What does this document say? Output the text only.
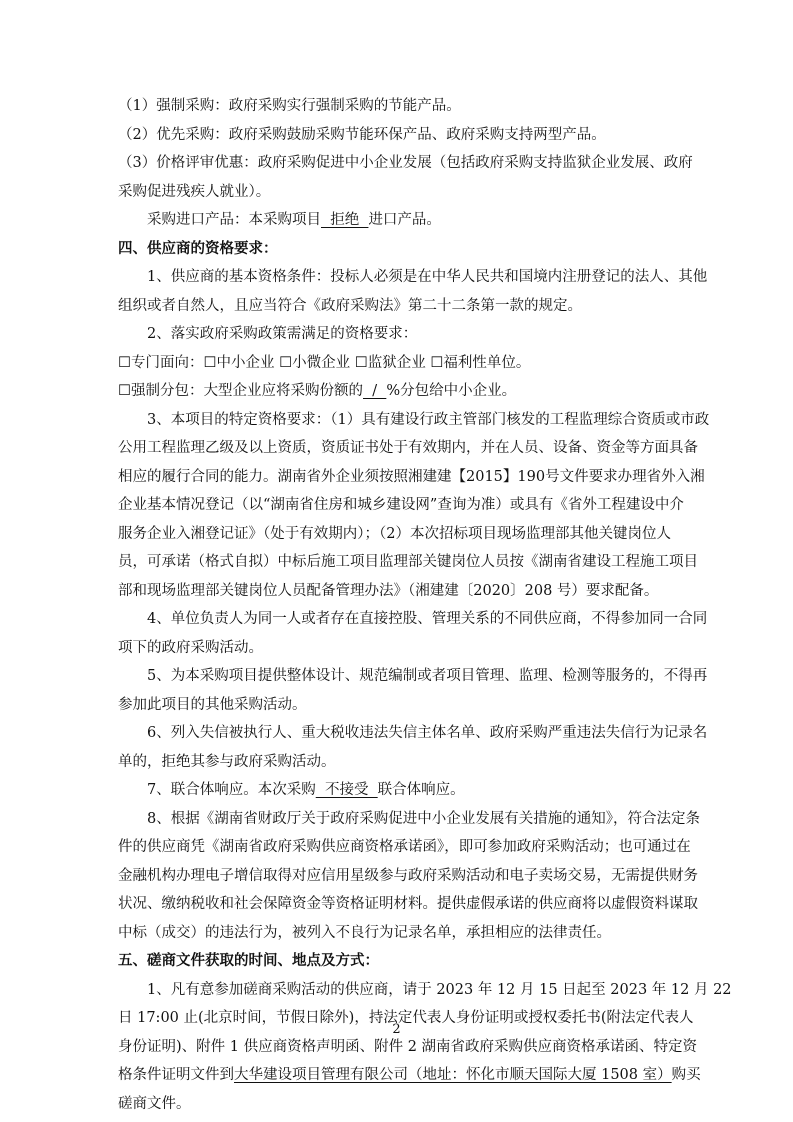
（1）强制采购：政府采购实行强制采购的节能产品。
（2）优先采购：政府采购鼓励采购节能环保产品、政府采购支持两型产品。
（3）价格评审优惠：政府采购促进中小企业发展（包括政府采购支持监狱企业发展、政府
采购促进残疾人就业）。
采购进口产品：本采购项目  拒绝  进口产品。
四、供应商的资格要求：
1、供应商的基本资格条件：投标人必须是在中华人民共和国境内注册登记的法人、其他
组织或者自然人，且应当符合《政府采购法》第二十二条第一款的规定。
2、落实政府采购政策需满足的资格要求：
☐专门面向：☐中小企业 ☐小微企业 ☐监狱企业 ☐福利性单位。
☐强制分包：大型企业应将采购份额的  /  %分包给中小企业。
3、本项目的特定资格要求：（1）具有建设行政主管部门核发的工程监理综合资质或市政
公用工程监理乙级及以上资质，资质证书处于有效期内，并在人员、设备、资金等方面具备
相应的履行合同的能力。湖南省外企业须按照湘建建【2015】190号文件要求办理省外入湘
企业基本情况登记（以“湖南省住房和城乡建设网”查询为准）或具有《省外工程建设中介
服务企业入湘登记证》（处于有效期内）；（2）本次招标项目现场监理部其他关键岗位人
员，可承诺（格式自拟）中标后施工项目监理部关键岗位人员按《湖南省建设工程施工项目
部和现场监理部关键岗位人员配备管理办法》（湘建建〔2020〕208 号）要求配备。
4、单位负责人为同一人或者存在直接控股、管理关系的不同供应商，不得参加同一合同
项下的政府采购活动。
5、为本采购项目提供整体设计、规范编制或者项目管理、监理、检测等服务的，不得再
参加此项目的其他采购活动。
6、列入失信被执行人、重大税收违法失信主体名单、政府采购严重违法失信行为记录名
单的，拒绝其参与政府采购活动。
7、联合体响应。本次采购  不接受  联合体响应。
8、根据《湖南省财政厅关于政府采购促进中小企业发展有关措施的通知》，符合法定条
件的供应商凭《湖南省政府采购供应商资格承诺函》，即可参加政府采购活动；也可通过在
金融机构办理电子增信取得对应信用星级参与政府采购活动和电子卖场交易，无需提供财务
状况、缴纳税收和社会保障资金等资格证明材料。提供虚假承诺的供应商将以虚假资料谋取
中标（成交）的违法行为，被列入不良行为记录名单，承担相应的法律责任。
五、磋商文件获取的时间、地点及方式：
1、凡有意参加磋商采购活动的供应商，请于 2023 年 12 月 15 日起至 2023 年 12 月 22
日 17:00 止(北京时间，节假日除外)，持法定代表人身份证明或授权委托书(附法定代表人
身份证明)、附件 1 供应商资格声明函、附件 2 湖南省政府采购供应商资格承诺函、特定资
格条件证明文件到大华建设项目管理有限公司（地址：怀化市顺天国际大厦 1508 室）购买
磋商文件。
2
